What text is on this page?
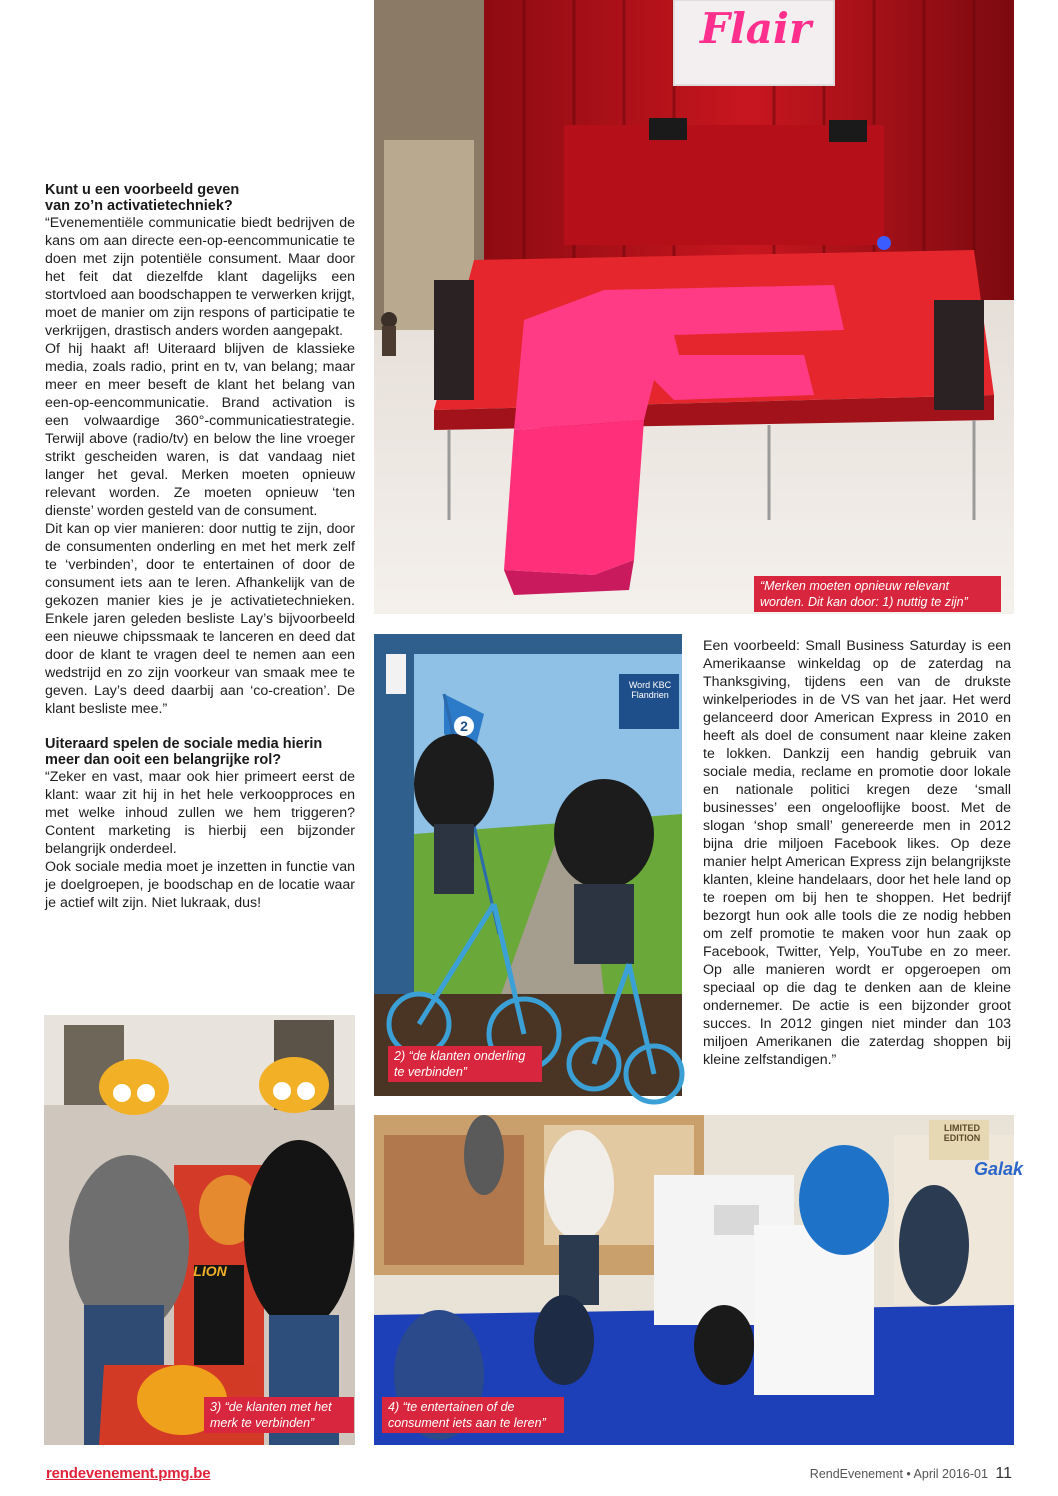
Kunt u een voorbeeld geven
van zo’n activatietechniek?

“Evenementiële communicatie biedt bedrijven de kans om aan directe een-op-eencommunicatie te doen met zijn potentiële consument. Maar door het feit dat diezelfde klant dagelijks een stortvloed aan boodschappen te verwerken krijgt, moet de manier om zijn respons of participatie te verkrijgen, drastisch anders worden aangepakt.

Of hij haakt af! Uiteraard blijven de klassieke media, zoals radio, print en tv, van belang; maar meer en meer beseft de klant het belang van een-op-eencommunicatie. Brand activation is een volwaardige 360°-communicatiestrategie. Terwijl above (radio/tv) en below the line vroeger strikt gescheiden waren, is dat vandaag niet langer het geval. Merken moeten opnieuw relevant worden. Ze moeten opnieuw ‘ten dienste’ worden gesteld van de consument.

Dit kan op vier manieren: door nuttig te zijn, door de consumenten onderling en met het merk zelf te ‘verbinden’, door te entertainen of door de consument iets aan te leren. Afhankelijk van de gekozen manier kies je je activatietechnieken. Enkele jaren geleden besliste Lay’s bijvoorbeeld een nieuwe chipssmaak te lanceren en deed dat door de klant te vragen deel te nemen aan een wedstrijd en zo zijn voorkeur van smaak mee te geven. Lay’s deed daarbij aan ‘co-creation’. De klant besliste mee.”

Uiteraard spelen de sociale media hierin
meer dan ooit een belangrijke rol?

“Zeker en vast, maar ook hier primeert eerst de klant: waar zit hij in het hele verkoopproces en met welke inhoud zullen we hem triggeren? Content marketing is hierbij een bijzonder belangrijk onderdeel.

Ook sociale media moet je inzetten in functie van je doelgroepen, je boodschap en de locatie waar je actief wilt zijn. Niet lukraak, dus!

Een voorbeeld: Small Business Saturday is een Amerikaanse winkeldag op de zaterdag na Thanksgiving, tijdens een van de drukste winkelperiodes in de VS van het jaar. Het werd gelanceerd door American Express in 2010 en heeft als doel de consument naar kleine zaken te lokken. Dankzij een handig gebruik van sociale media, reclame en promotie door lokale en nationale politici kregen deze ‘small businesses’ een ongelooflijke boost. Met de slogan ‘shop small’ genereerde men in 2012 bijna drie miljoen Facebook likes. Op deze manier helpt American Express zijn belangrijkste klanten, kleine handelaars, door het hele land op te roepen om bij hen te shoppen. Het bedrijf bezorgt hun ook alle tools die ze nodig hebben om zelf promotie te maken voor hun zaak op Facebook, Twitter, Yelp, YouTube en zo meer. Op alle manieren wordt er opgeroepen om speciaal op die dag te denken aan de kleine ondernemer. De actie is een bijzonder groot succes. In 2012 gingen niet minder dan 103 miljoen Amerikanen die zaterdag shoppen bij kleine zelfstandigen.”

Flair
“Merken moeten opnieuw relevant
worden. Dit kan door: 1) nuttig te zijn”
Word KBC Flandrien
2
2) “de klanten onderling
te verbinden”
LION
3) “de klanten met het
merk te verbinden”
Galak
LIMITED EDITION
4) “te entertainen of de
consument iets aan te leren”
rendevenement.pmg.be	RendEvenement • April 2016-01 11
